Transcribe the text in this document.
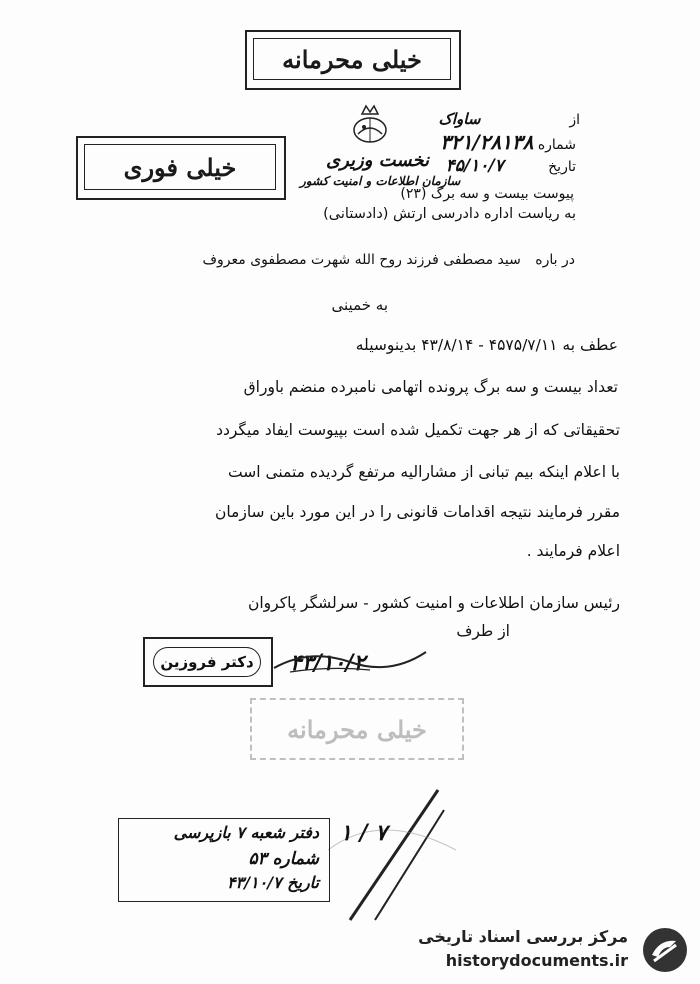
خیلی محرمانه
خیلی فوری	نخست وزیری
سازمان اطلاعات و امنیت کشور
از  ساواک
شماره ۳۲۱/۲۸۱۳۸
تاریخ ۴۵/۱۰/۷
پیوست بیست و سه برگ (۲۳)
به ریاست اداره دادرسی ارتش (دادستانی)
در باره سید مصطفی فرزند روح الله شهرت مصطفوی معروف
به خمینی
عطف به ۴۵۷۵/۷/۱۱ - ۴۳/۸/۱۴ بدینوسیله
تعداد بیست و سه برگ پرونده اتهامی نامبرده منضم باوراق
تحقیقاتی که از هر جهت تکمیل شده است بپیوست ایفاد میگردد
با اعلام اینکه بیم تبانی از مشارالیه مرتفع گردیده متمنی است
مقرر فرمایند نتیجه اقدامات قانونی را در این مورد باین سازمان
اعلام فرمایند .
رئیس سازمان اطلاعات و امنیت کشور - سرلشگر پاکروان
از طرف
دکتر فروزین ۴۳/۱۰/۲
خیلی محرمانه
دفتر شعبه ۷ بازپرسی
شماره ۵۳
تاریخ ۴۳/۱۰/۷
۷ / ۱
مرکز بررسی اسناد تاریخی
historydocuments.ir
